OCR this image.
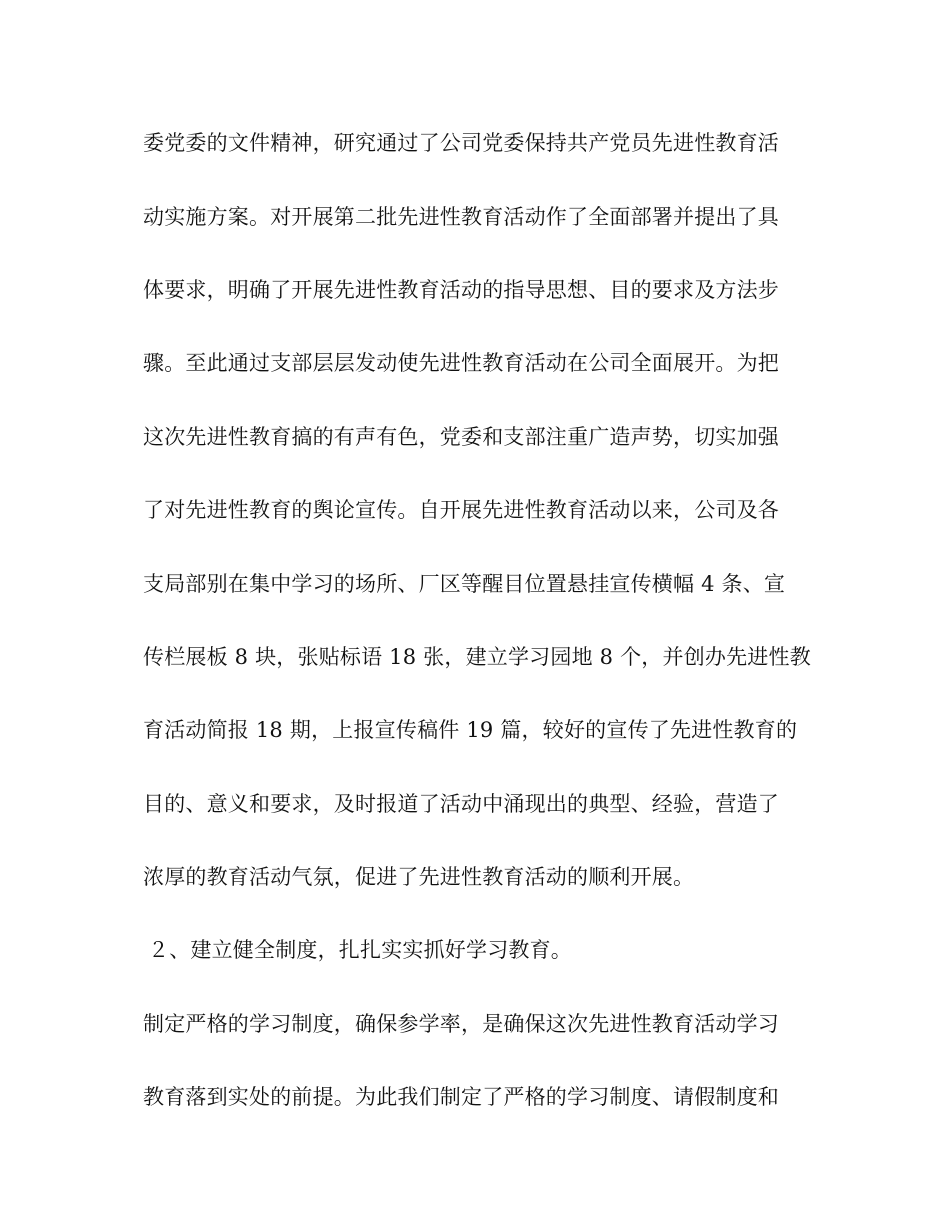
委党委的文件精神，研究通过了公司党委保持共产党员先进性教育活

动实施方案。对开展第二批先进性教育活动作了全面部署并提出了具

体要求，明确了开展先进性教育活动的指导思想、目的要求及方法步

骤。至此通过支部层层发动使先进性教育活动在公司全面展开。为把

这次先进性教育搞的有声有色，党委和支部注重广造声势，切实加强

了对先进性教育的舆论宣传。自开展先进性教育活动以来，公司及各

支局部别在集中学习的场所、厂区等醒目位置悬挂宣传横幅 4 条、宣

传栏展板 8 块，张贴标语 18 张，建立学习园地 8 个，并创办先进性教

育活动简报 18 期，上报宣传稿件 19 篇，较好的宣传了先进性教育的

目的、意义和要求，及时报道了活动中涌现出的典型、经验，营造了

浓厚的教育活动气氛，促进了先进性教育活动的顺利开展。

２、建立健全制度，扎扎实实抓好学习教育。

制定严格的学习制度，确保参学率，是确保这次先进性教育活动学习

教育落到实处的前提。为此我们制定了严格的学习制度、请假制度和
